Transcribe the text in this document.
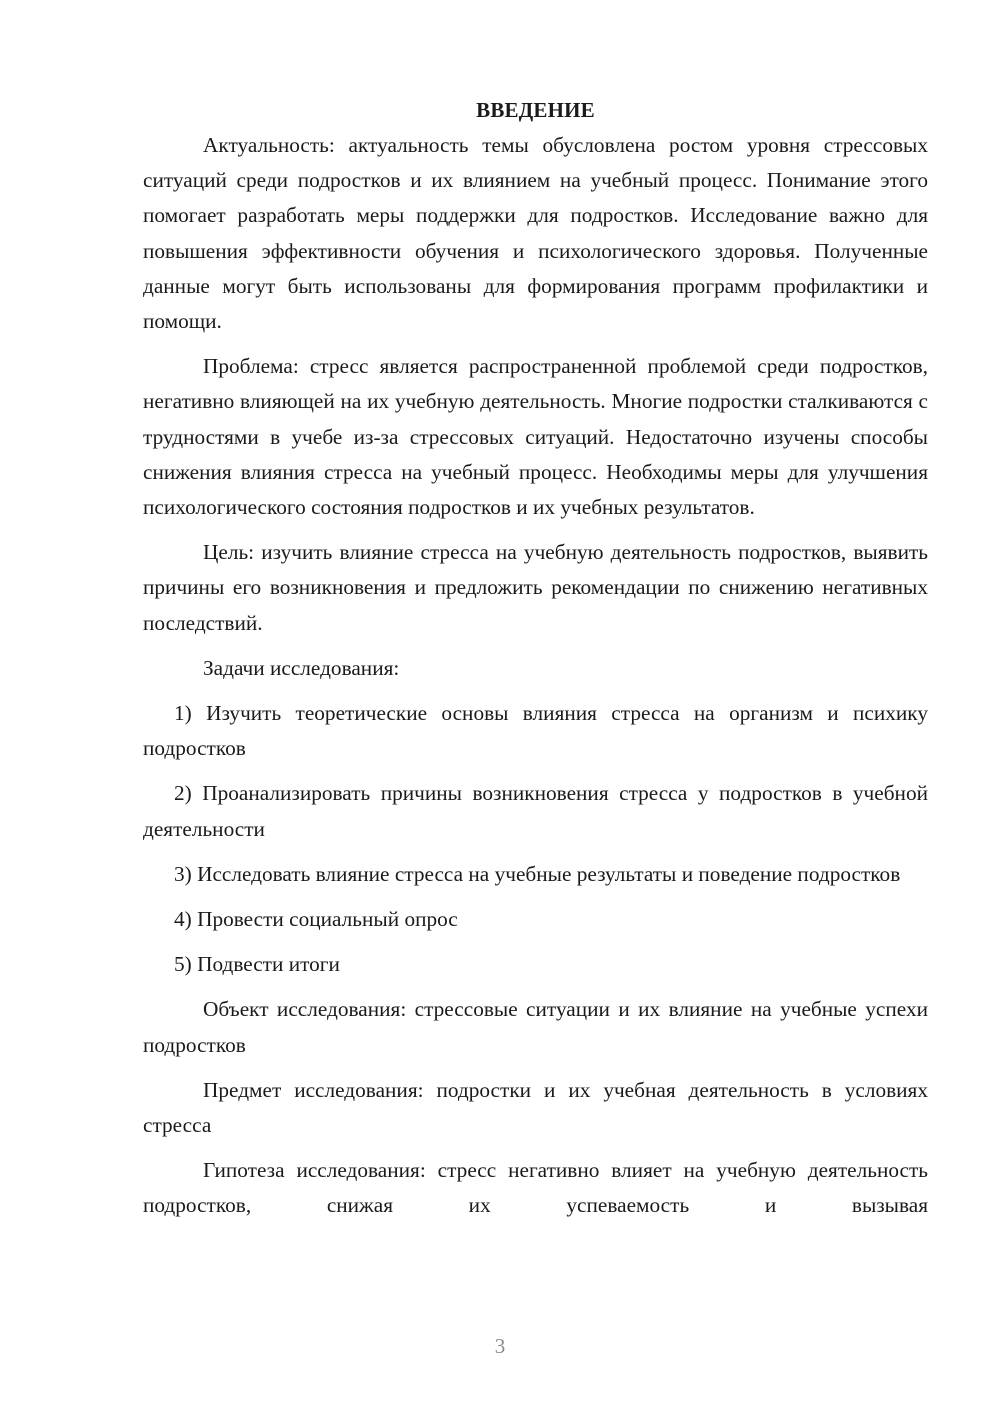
ВВЕДЕНИЕ

Актуальность: актуальность темы обусловлена ростом уровня стрессовых ситуаций среди подростков и их влиянием на учебный процесс. Понимание этого помогает разработать меры поддержки для подростков. Исследование важно для повышения эффективности обучения и психологического здоровья. Полученные данные могут быть использованы для формирования программ профилактики и помощи.

Проблема: стресс является распространенной проблемой среди подростков, негативно влияющей на их учебную деятельность. Многие подростки сталкиваются с трудностями в учебе из-за стрессовых ситуаций. Недостаточно изучены способы снижения влияния стресса на учебный процесс. Необходимы меры для улучшения психологического состояния подростков и их учебных результатов.

Цель: изучить влияние стресса на учебную деятельность подростков, выявить причины его возникновения и предложить рекомендации по снижению негативных последствий.

Задачи исследования:

1) Изучить теоретические основы влияния стресса на организм и психику подростков

2) Проанализировать причины возникновения стресса у подростков в учебной деятельности

3) Исследовать влияние стресса на учебные результаты и поведение подростков

4) Провести социальный опрос

5) Подвести итоги

Объект исследования: стрессовые ситуации и их влияние на учебные успехи подростков

Предмет исследования: подростки и их учебная деятельность в условиях стресса

Гипотеза исследования: стресс негативно влияет на учебную деятельность подростков, снижая их успеваемость и вызывая

3
